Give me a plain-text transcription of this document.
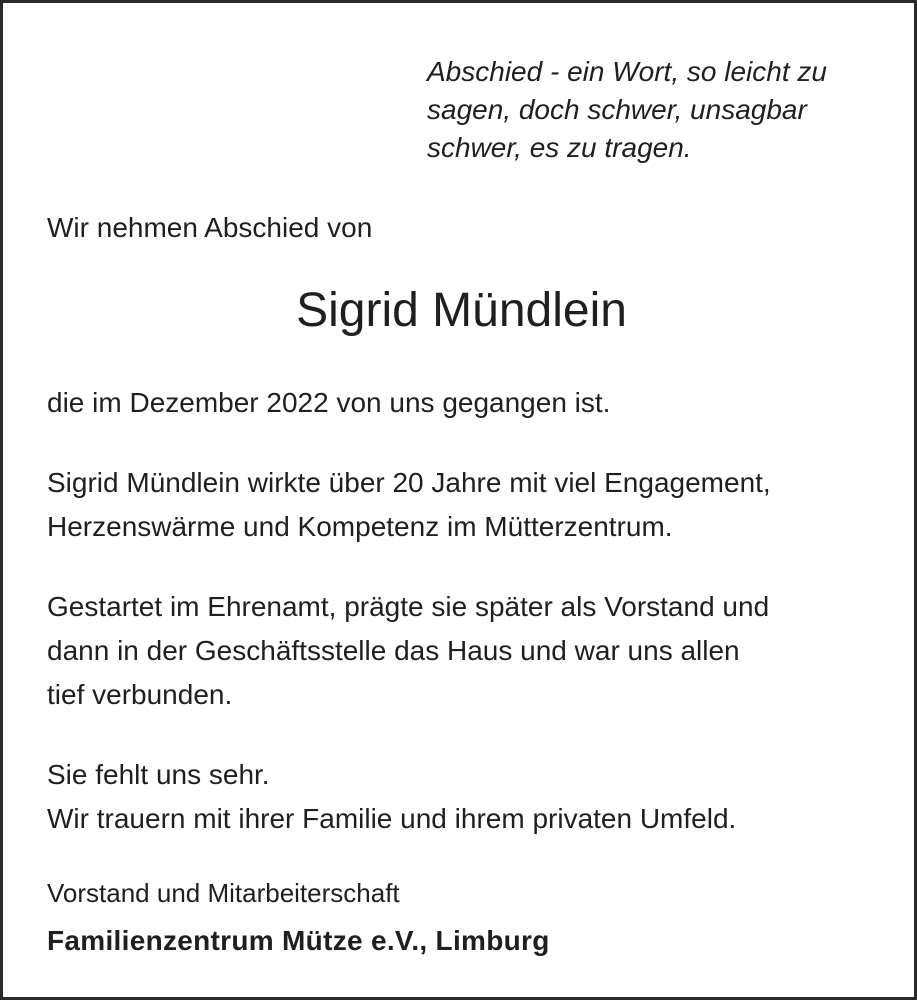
Abschied - ein Wort, so leicht zu
sagen, doch schwer, unsagbar
schwer, es zu tragen.
Wir nehmen Abschied von
Sigrid Mündlein
die im Dezember 2022 von uns gegangen ist.
Sigrid Mündlein wirkte über 20 Jahre mit viel Engagement,
Herzenswärme und Kompetenz im Mütterzentrum.
Gestartet im Ehrenamt, prägte sie später als Vorstand und
dann in der Geschäftsstelle das Haus und war uns allen
tief verbunden.
Sie fehlt uns sehr.
Wir trauern mit ihrer Familie und ihrem privaten Umfeld.
Vorstand und Mitarbeiterschaft
Familienzentrum Mütze e.V., Limburg
